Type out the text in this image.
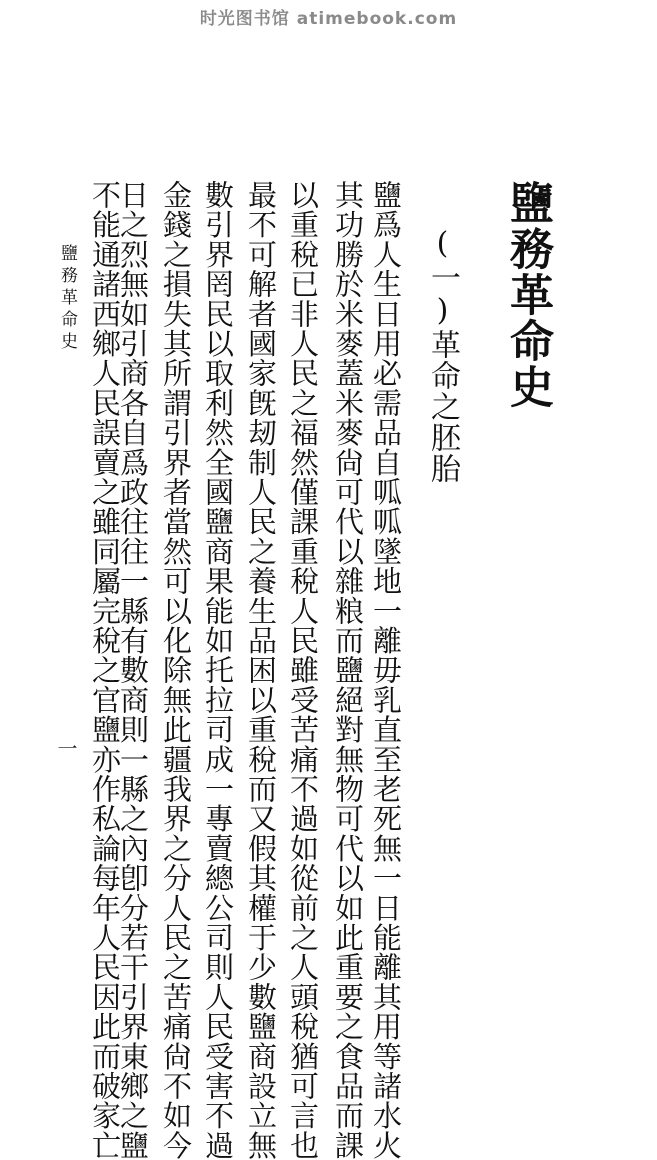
时光图书馆 atimebook.com
鹽務革命史
(一)革命之胚胎
鹽爲人生日用必需品自呱呱墜地一離毋乳直至老死無一日能離其用等諸水火
其功勝於米麥蓋米麥尙可代以雜粮而鹽絕對無物可代以如此重要之食品而課
以重稅已非人民之福然僅課重稅人民雖受苦痛不過如從前之人頭稅猶可言也
最不可解者國家旣刼制人民之養生品困以重稅而又假其權于少數鹽商設立無
數引界罔民以取利然全國鹽商果能如托拉司成一專賣總公司則人民受害不過
金錢之損失其所謂引界者當然可以化除無此疆我界之分人民之苦痛尙不如今
日之烈無如引商各自爲政往往一縣有數商則一縣之內卽分若干引界東鄉之鹽
不能通諸西鄉人民誤賣之雖同屬完稅之官鹽亦作私論每年人民因此而破家亡
鹽務革命史
一
